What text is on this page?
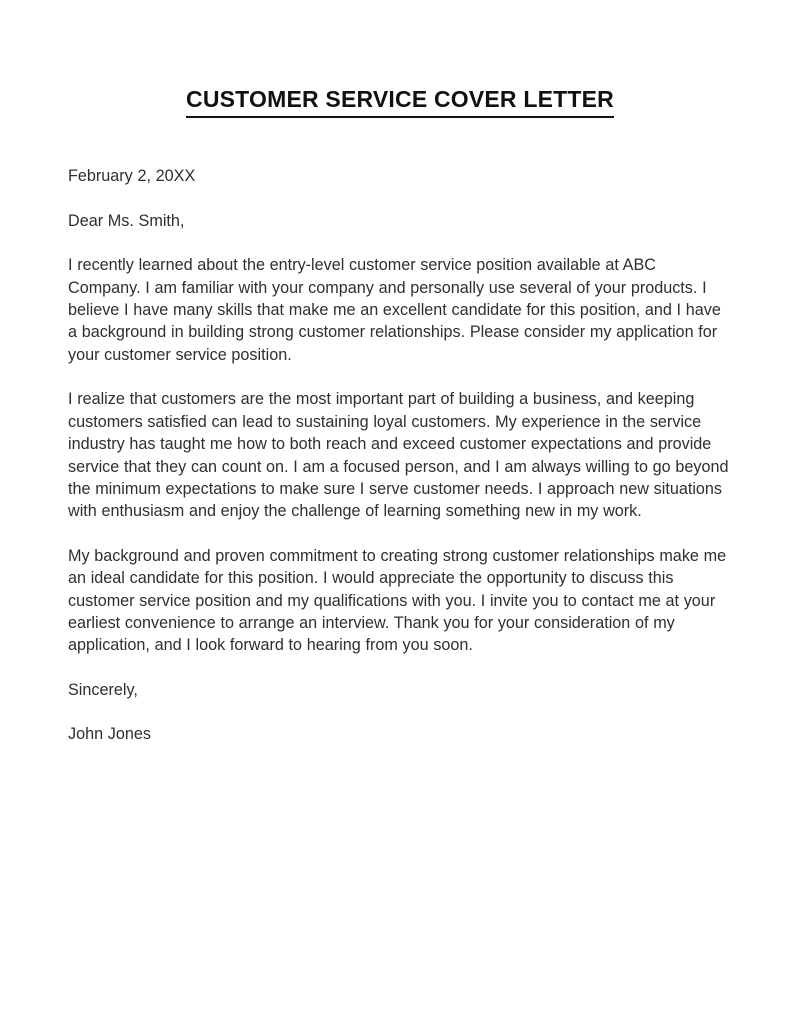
CUSTOMER SERVICE COVER LETTER

February 2, 20XX

Dear Ms. Smith,

I recently learned about the entry-level customer service position available at ABC Company. I am familiar with your company and personally use several of your products. I believe I have many skills that make me an excellent candidate for this position, and I have a background in building strong customer relationships. Please consider my application for your customer service position.

I realize that customers are the most important part of building a business, and keeping customers satisfied can lead to sustaining loyal customers. My experience in the service industry has taught me how to both reach and exceed customer expectations and provide service that they can count on. I am a focused person, and I am always willing to go beyond the minimum expectations to make sure I serve customer needs. I approach new situations with enthusiasm and enjoy the challenge of learning something new in my work.

My background and proven commitment to creating strong customer relationships make me an ideal candidate for this position. I would appreciate the opportunity to discuss this customer service position and my qualifications with you. I invite you to contact me at your earliest convenience to arrange an interview. Thank you for your consideration of my application, and I look forward to hearing from you soon.

Sincerely,

John Jones
